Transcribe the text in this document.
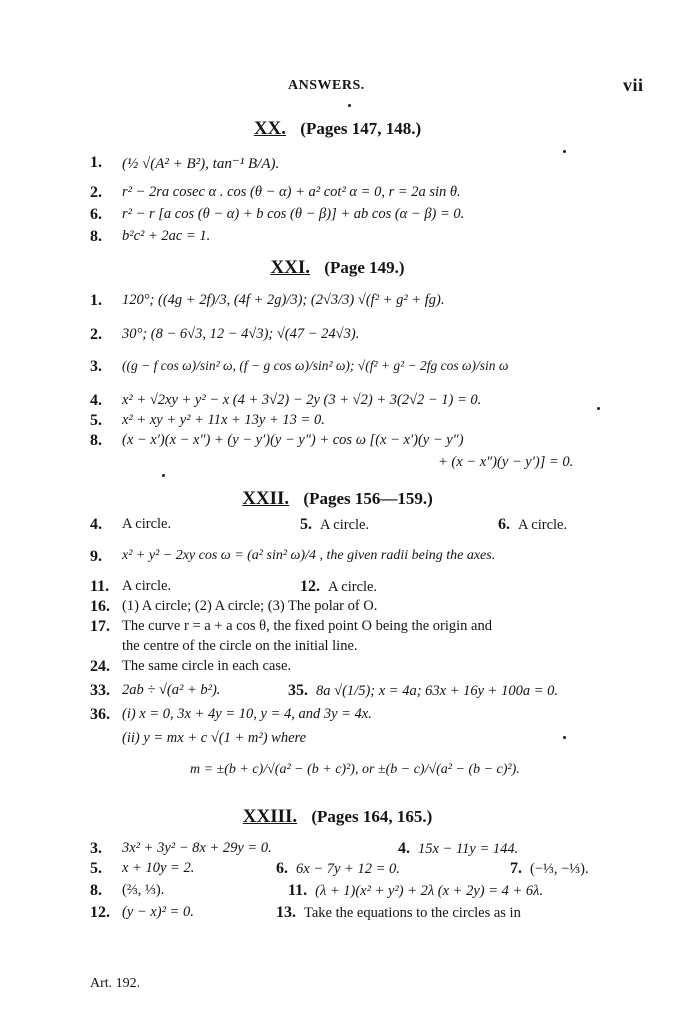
ANSWERS.	vii
XX. (Pages 147, 148.)
1.	(½ √(A² + B²), tan⁻¹ B/A).
2.	r² − 2ra cosec α . cos (θ − α) + a² cot² α = 0, r = 2a sin θ.
6.	r² − r [a cos (θ − α) + b cos (θ − β)] + ab cos (α − β) = 0.
8.	b²c² + 2ac = 1.
XXI. (Page 149.)
1.	120°; ((4g + 2f)/3, (4f + 2g)/3); (2√3/3) √(f² + g² + fg).
2.	30°; (8 − 6√3, 12 − 4√3); √(47 − 24√3).
3.	((g − f cos ω)/sin² ω, (f − g cos ω)/sin² ω); √(f² + g² − 2fg cos ω)/sin ω
4.	x² + √2xy + y² − x (4 + 3√2) − 2y (3 + √2) + 3(2√2 − 1) = 0.
5.	x² + xy + y² + 11x + 13y + 13 = 0.
8.	(x − x′)(x − x″) + (y − y′)(y − y″) + cos ω [(x − x′)(y − y″)
+ (x − x″)(y − y′)] = 0.
XXII. (Pages 156—159.)
4.	A circle.	5. A circle.	6. A circle.
9.	x² + y² − 2xy cos ω = (a² sin² ω)/4 , the given radii being the axes.
11. A circle.	12. A circle.
16. (1) A circle; (2) A circle; (3) The polar of O.
17. The curve r = a + a cos θ, the fixed point O being the origin and
the centre of the circle on the initial line.
24. The same circle in each case.
33. 2ab ÷ √(a² + b²).	35. 8a √(1/5); x = 4a; 63x + 16y + 100a = 0.
36. (i) x = 0, 3x + 4y = 10, y = 4, and 3y = 4x.
(ii) y = mx + c √(1 + m²) where
m = ±(b + c)/√(a² − (b + c)²), or ±(b − c)/√(a² − (b − c)²).
XXIII. (Pages 164, 165.)
3.	3x² + 3y² − 8x + 29y = 0.	4. 15x − 11y = 144.
5.	x + 10y = 2.	6. 6x − 7y + 12 = 0.	7. (−⅓, −⅓).
8.	(⅔, ⅓).	11. (λ + 1)(x² + y²) + 2λ (x + 2y) = 4 + 6λ.
12. (y − x)² = 0.	13. Take the equations to the circles as in
Art. 192.
